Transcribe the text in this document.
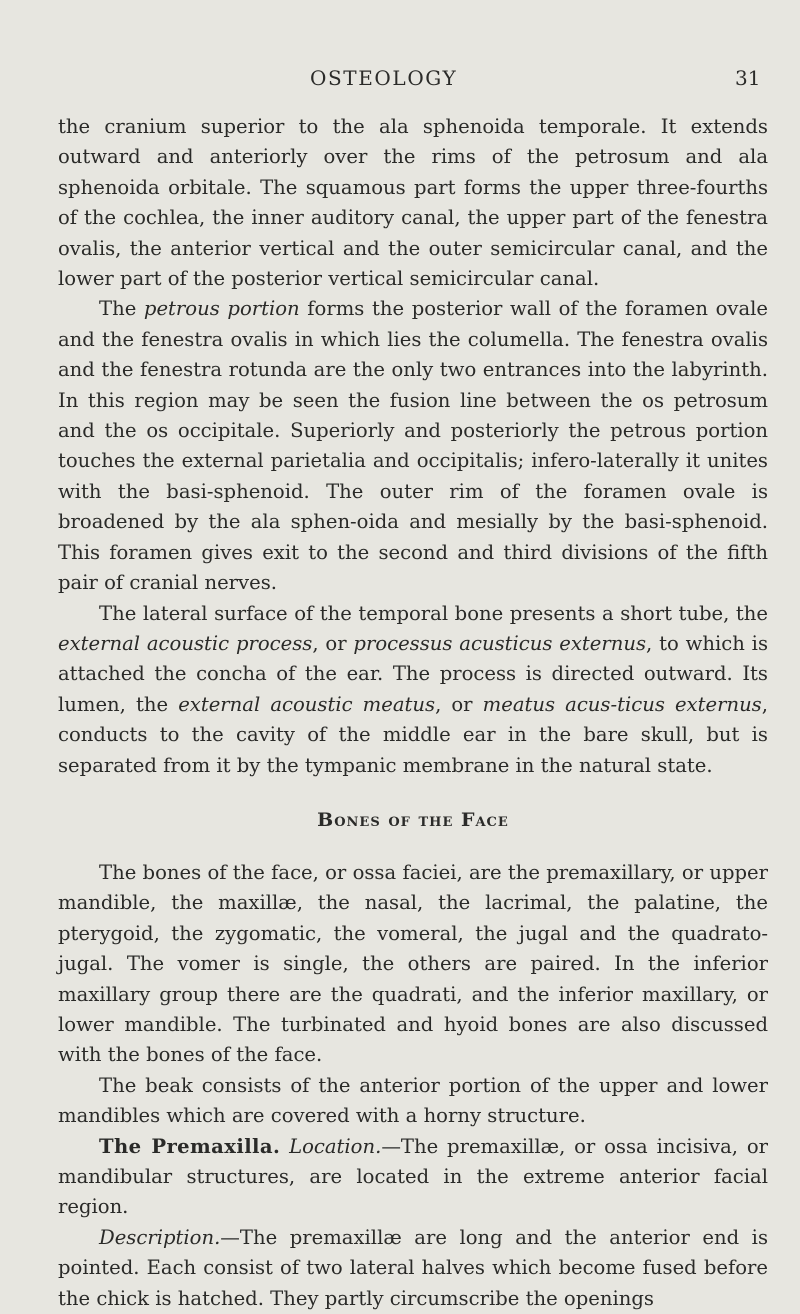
OSTEOLOGY	31

the cranium superior to the ala sphenoida temporale. It extends outward and anteriorly over the rims of the petrosum and ala sphenoida orbitale. The squamous part forms the upper three-fourths of the cochlea, the inner auditory canal, the upper part of the fenestra ovalis, the anterior vertical and the outer semicircular canal, and the lower part of the posterior vertical semicircular canal.

The petrous portion forms the posterior wall of the foramen ovale and the fenestra ovalis in which lies the columella. The fenestra ovalis and the fenestra rotunda are the only two entrances into the labyrinth. In this region may be seen the fusion line between the os petrosum and the os occipitale. Superiorly and posteriorly the petrous portion touches the external parietalia and occipitalis; infero-laterally it unites with the basi-sphenoid. The outer rim of the foramen ovale is broadened by the ala sphen-oida and mesially by the basi-sphenoid. This foramen gives exit to the second and third divisions of the fifth pair of cranial nerves.

The lateral surface of the temporal bone presents a short tube, the external acoustic process, or processus acusticus externus, to which is attached the concha of the ear. The process is directed outward. Its lumen, the external acoustic meatus, or meatus acus-ticus externus, conducts to the cavity of the middle ear in the bare skull, but is separated from it by the tympanic membrane in the natural state.

Bones of the Face

The bones of the face, or ossa faciei, are the premaxillary, or upper mandible, the maxillæ, the nasal, the lacrimal, the palatine, the pterygoid, the zygomatic, the vomeral, the jugal and the quadrato-jugal. The vomer is single, the others are paired. In the inferior maxillary group there are the quadrati, and the inferior maxillary, or lower mandible. The turbinated and hyoid bones are also discussed with the bones of the face.

The beak consists of the anterior portion of the upper and lower mandibles which are covered with a horny structure.

The Premaxilla. Location.—The premaxillæ, or ossa incisiva, or mandibular structures, are located in the extreme anterior facial region.

Description.—The premaxillæ are long and the anterior end is pointed. Each consist of two lateral halves which become fused before the chick is hatched. They partly circumscribe the openings
